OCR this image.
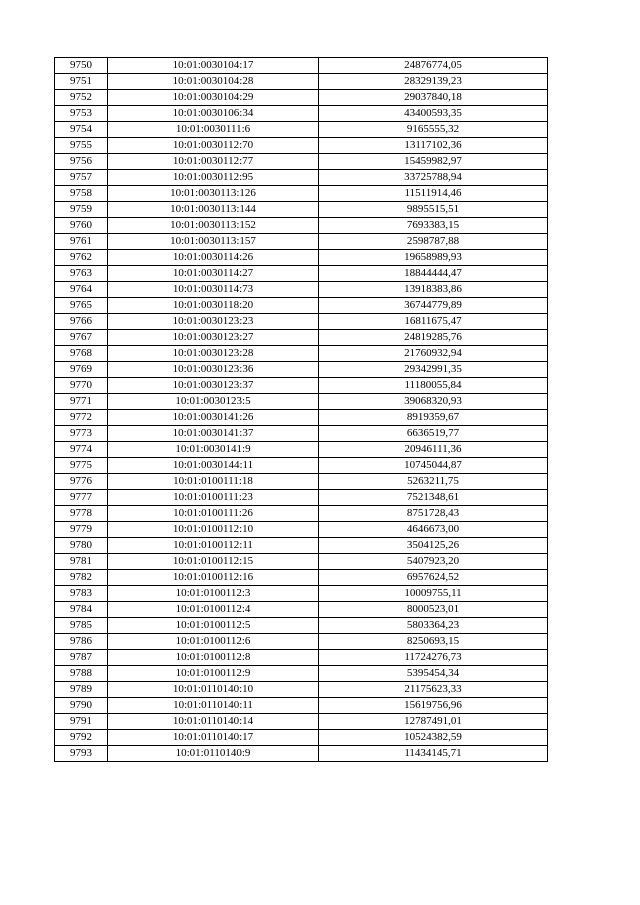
9750	10:01:0030104:17	24876774,05
9751	10:01:0030104:28	28329139,23
9752	10:01:0030104:29	29037840,18
9753	10:01:0030106:34	43400593,35
9754	10:01:0030111:6	9165555,32
9755	10:01:0030112:70	13117102,36
9756	10:01:0030112:77	15459982,97
9757	10:01:0030112:95	33725788,94
9758	10:01:0030113:126	11511914,46
9759	10:01:0030113:144	9895515,51
9760	10:01:0030113:152	7693383,15
9761	10:01:0030113:157	2598787,88
9762	10:01:0030114:26	19658989,93
9763	10:01:0030114:27	18844444,47
9764	10:01:0030114:73	13918383,86
9765	10:01:0030118:20	36744779,89
9766	10:01:0030123:23	16811675,47
9767	10:01:0030123:27	24819285,76
9768	10:01:0030123:28	21760932,94
9769	10:01:0030123:36	29342991,35
9770	10:01:0030123:37	11180055,84
9771	10:01:0030123:5	39068320,93
9772	10:01:0030141:26	8919359,67
9773	10:01:0030141:37	6636519,77
9774	10:01:0030141:9	20946111,36
9775	10:01:0030144:11	10745044,87
9776	10:01:0100111:18	5263211,75
9777	10:01:0100111:23	7521348,61
9778	10:01:0100111:26	8751728,43
9779	10:01:0100112:10	4646673,00
9780	10:01:0100112:11	3504125,26
9781	10:01:0100112:15	5407923,20
9782	10:01:0100112:16	6957624,52
9783	10:01:0100112:3	10009755,11
9784	10:01:0100112:4	8000523,01
9785	10:01:0100112:5	5803364,23
9786	10:01:0100112:6	8250693,15
9787	10:01:0100112:8	11724276,73
9788	10:01:0100112:9	5395454,34
9789	10:01:0110140:10	21175623,33
9790	10:01:0110140:11	15619756,96
9791	10:01:0110140:14	12787491,01
9792	10:01:0110140:17	10524382,59
9793	10:01:0110140:9	11434145,71
